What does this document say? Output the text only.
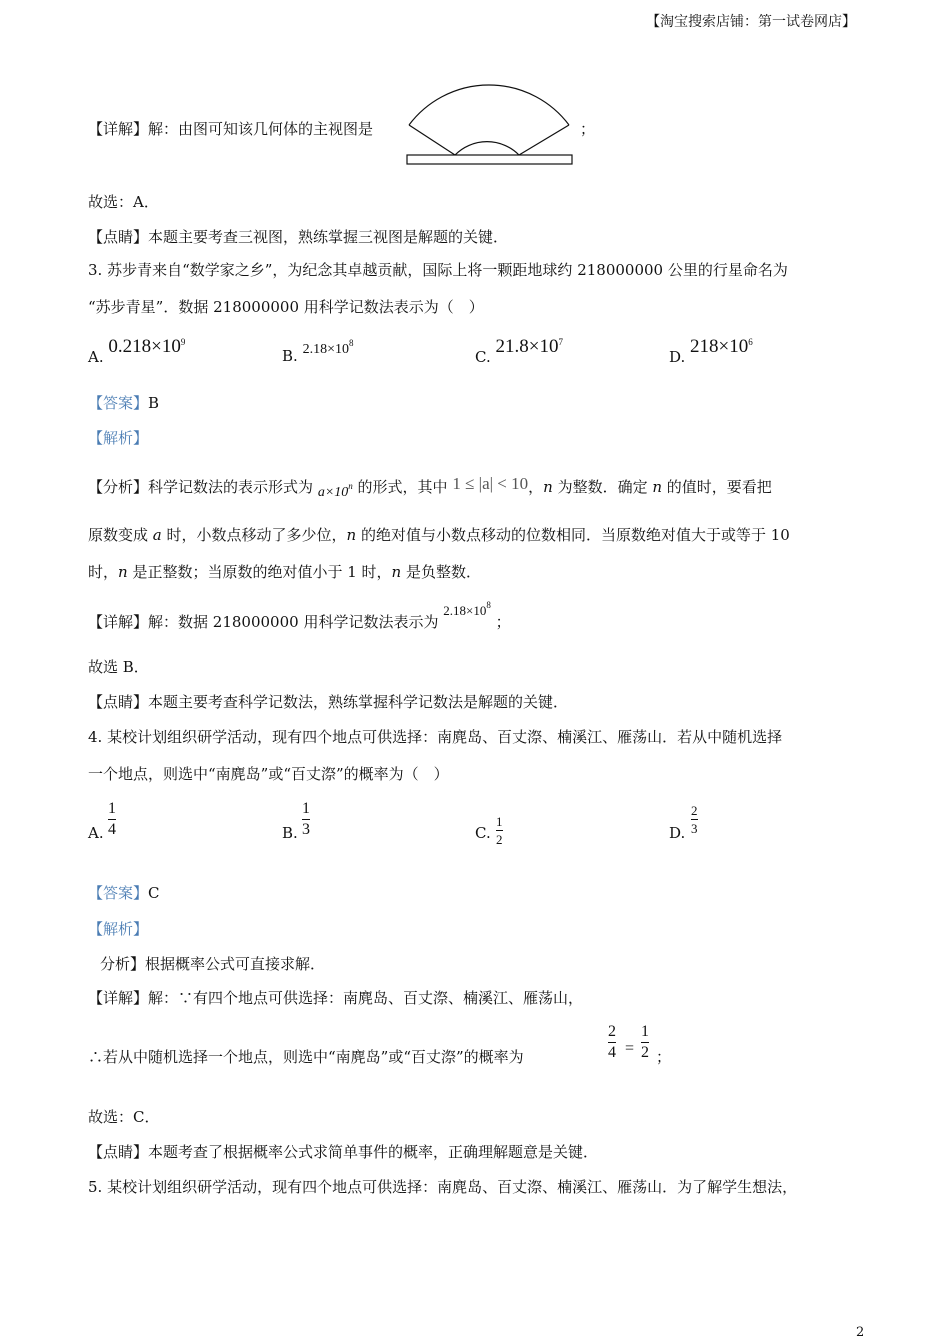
【淘宝搜索店铺：第一试卷网店】
【详解】解：由图可知该几何体的主视图是	；
故选：A．
【点睛】本题主要考查三视图，熟练掌握三视图是解题的关键．
3. 苏步青来自“数学家之乡”，为纪念其卓越贡献，国际上将一颗距地球约 218000000 公里的行星命名为
“苏步青星”．数据 218000000 用科学记数法表示为（　）
A. $0.218\times 10^9$
B. $2.18\times 10^8$
C. $21.8\times 10^7$
D. $218\times 10^6$
【答案】B
【解析】
【分析】科学记数法的表示形式为 $a\times 10^n$ 的形式，其中 1 ≤ |a| < 10，n 为整数．确定 n 的值时，要看把
原数变成 a 时，小数点移动了多少位，n 的绝对值与小数点移动的位数相同．当原数绝对值大于或等于 10
时，n 是正整数；当原数的绝对值小于 1 时，n 是负整数．
【详解】解：数据 218000000 用科学记数法表示为 $2.18\times 10^8$ ；
故选 B．
【点睛】本题主要考查科学记数法，熟练掌握科学记数法是解题的关键．
4. 某校计划组织研学活动，现有四个地点可供选择：南麂岛、百丈漈、楠溪江、雁荡山．若从中随机选择
一个地点，则选中“南麂岛”或“百丈漈”的概率为（　）
A.
1
4	B.
1
3	C.
1
2	D.
2
3
【答案】C
【解析】
分析】根据概率公式可直接求解．
【详解】解：∵有四个地点可供选择：南麂岛、百丈漈、楠溪江、雁荡山，
∴若从中随机选择一个地点，则选中“南麂岛”或“百丈漈”的概率为
2
4 =
1
2 ；
故选：C．
【点睛】本题考查了根据概率公式求简单事件的概率，正确理解题意是关键．
5. 某校计划组织研学活动，现有四个地点可供选择：南麂岛、百丈漈、楠溪江、雁荡山．为了解学生想法，
2
